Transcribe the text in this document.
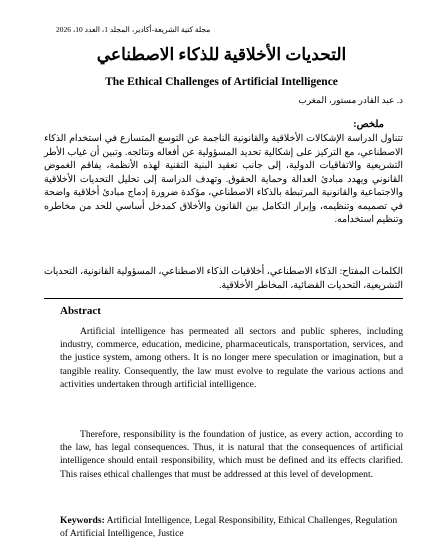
مجلة كتية الشريعة-أكادير، المجلد 1، العدد 10، 2026
التحديات الأخلاقية للذكاء الاصطناعي
The Ethical Challenges of Artificial Intelligence
د. عبد القادر مستور، المغرب
ملخص:
تتناول الدراسة الإشكالات الأخلاقية والقانونية الناجمة عن التوسع المتسارع في استخدام الذكاء الاصطناعي، مع التركيز على إشكالية تحديد المسؤولية عن أفعاله ونتائجه. وتبين أن غياب الأطر التشريعية والاتفاقيات الدولية، إلى جانب تعقيد البنية التقنية لهذه الأنظمة، يفاقم الغموض القانوني ويهدد مبادئ العدالة وحماية الحقوق. وتهدف الدراسة إلى تحليل التحديات الأخلاقية والاجتماعية والقانونية المرتبطة بالذكاء الاصطناعي، مؤكدة ضرورة إدماج مبادئ أخلاقية واضحة في تصميمه وتنظيمه، وإبراز التكامل بين القانون والأخلاق كمدخل أساسي للحد من مخاطره وتنظيم استخدامه.
الكلمات المفتاح: الذكاء الاصطناعي، أخلاقيات الذكاء الاصطناعي، المسؤولية القانونية، التحديات التشريعية، التحديات القضائية، المخاطر الأخلاقية.
Abstract

Artificial intelligence has permeated all sectors and public spheres, including industry, commerce, education, medicine, pharmaceuticals, transportation, services, and the justice system, among others. It is no longer mere speculation or imagination, but a tangible reality. Consequently, the law must evolve to regulate the various actions and activities undertaken through artificial intelligence.

Therefore, responsibility is the foundation of justice, as every action, according to the law, has legal consequences. Thus, it is natural that the consequences of artificial intelligence should entail responsibility, which must be defined and its effects clarified. This raises ethical challenges that must be addressed at this level of development.

Keywords: Artificial Intelligence, Legal Responsibility, Ethical Challenges, Regulation of Artificial Intelligence, Justice
